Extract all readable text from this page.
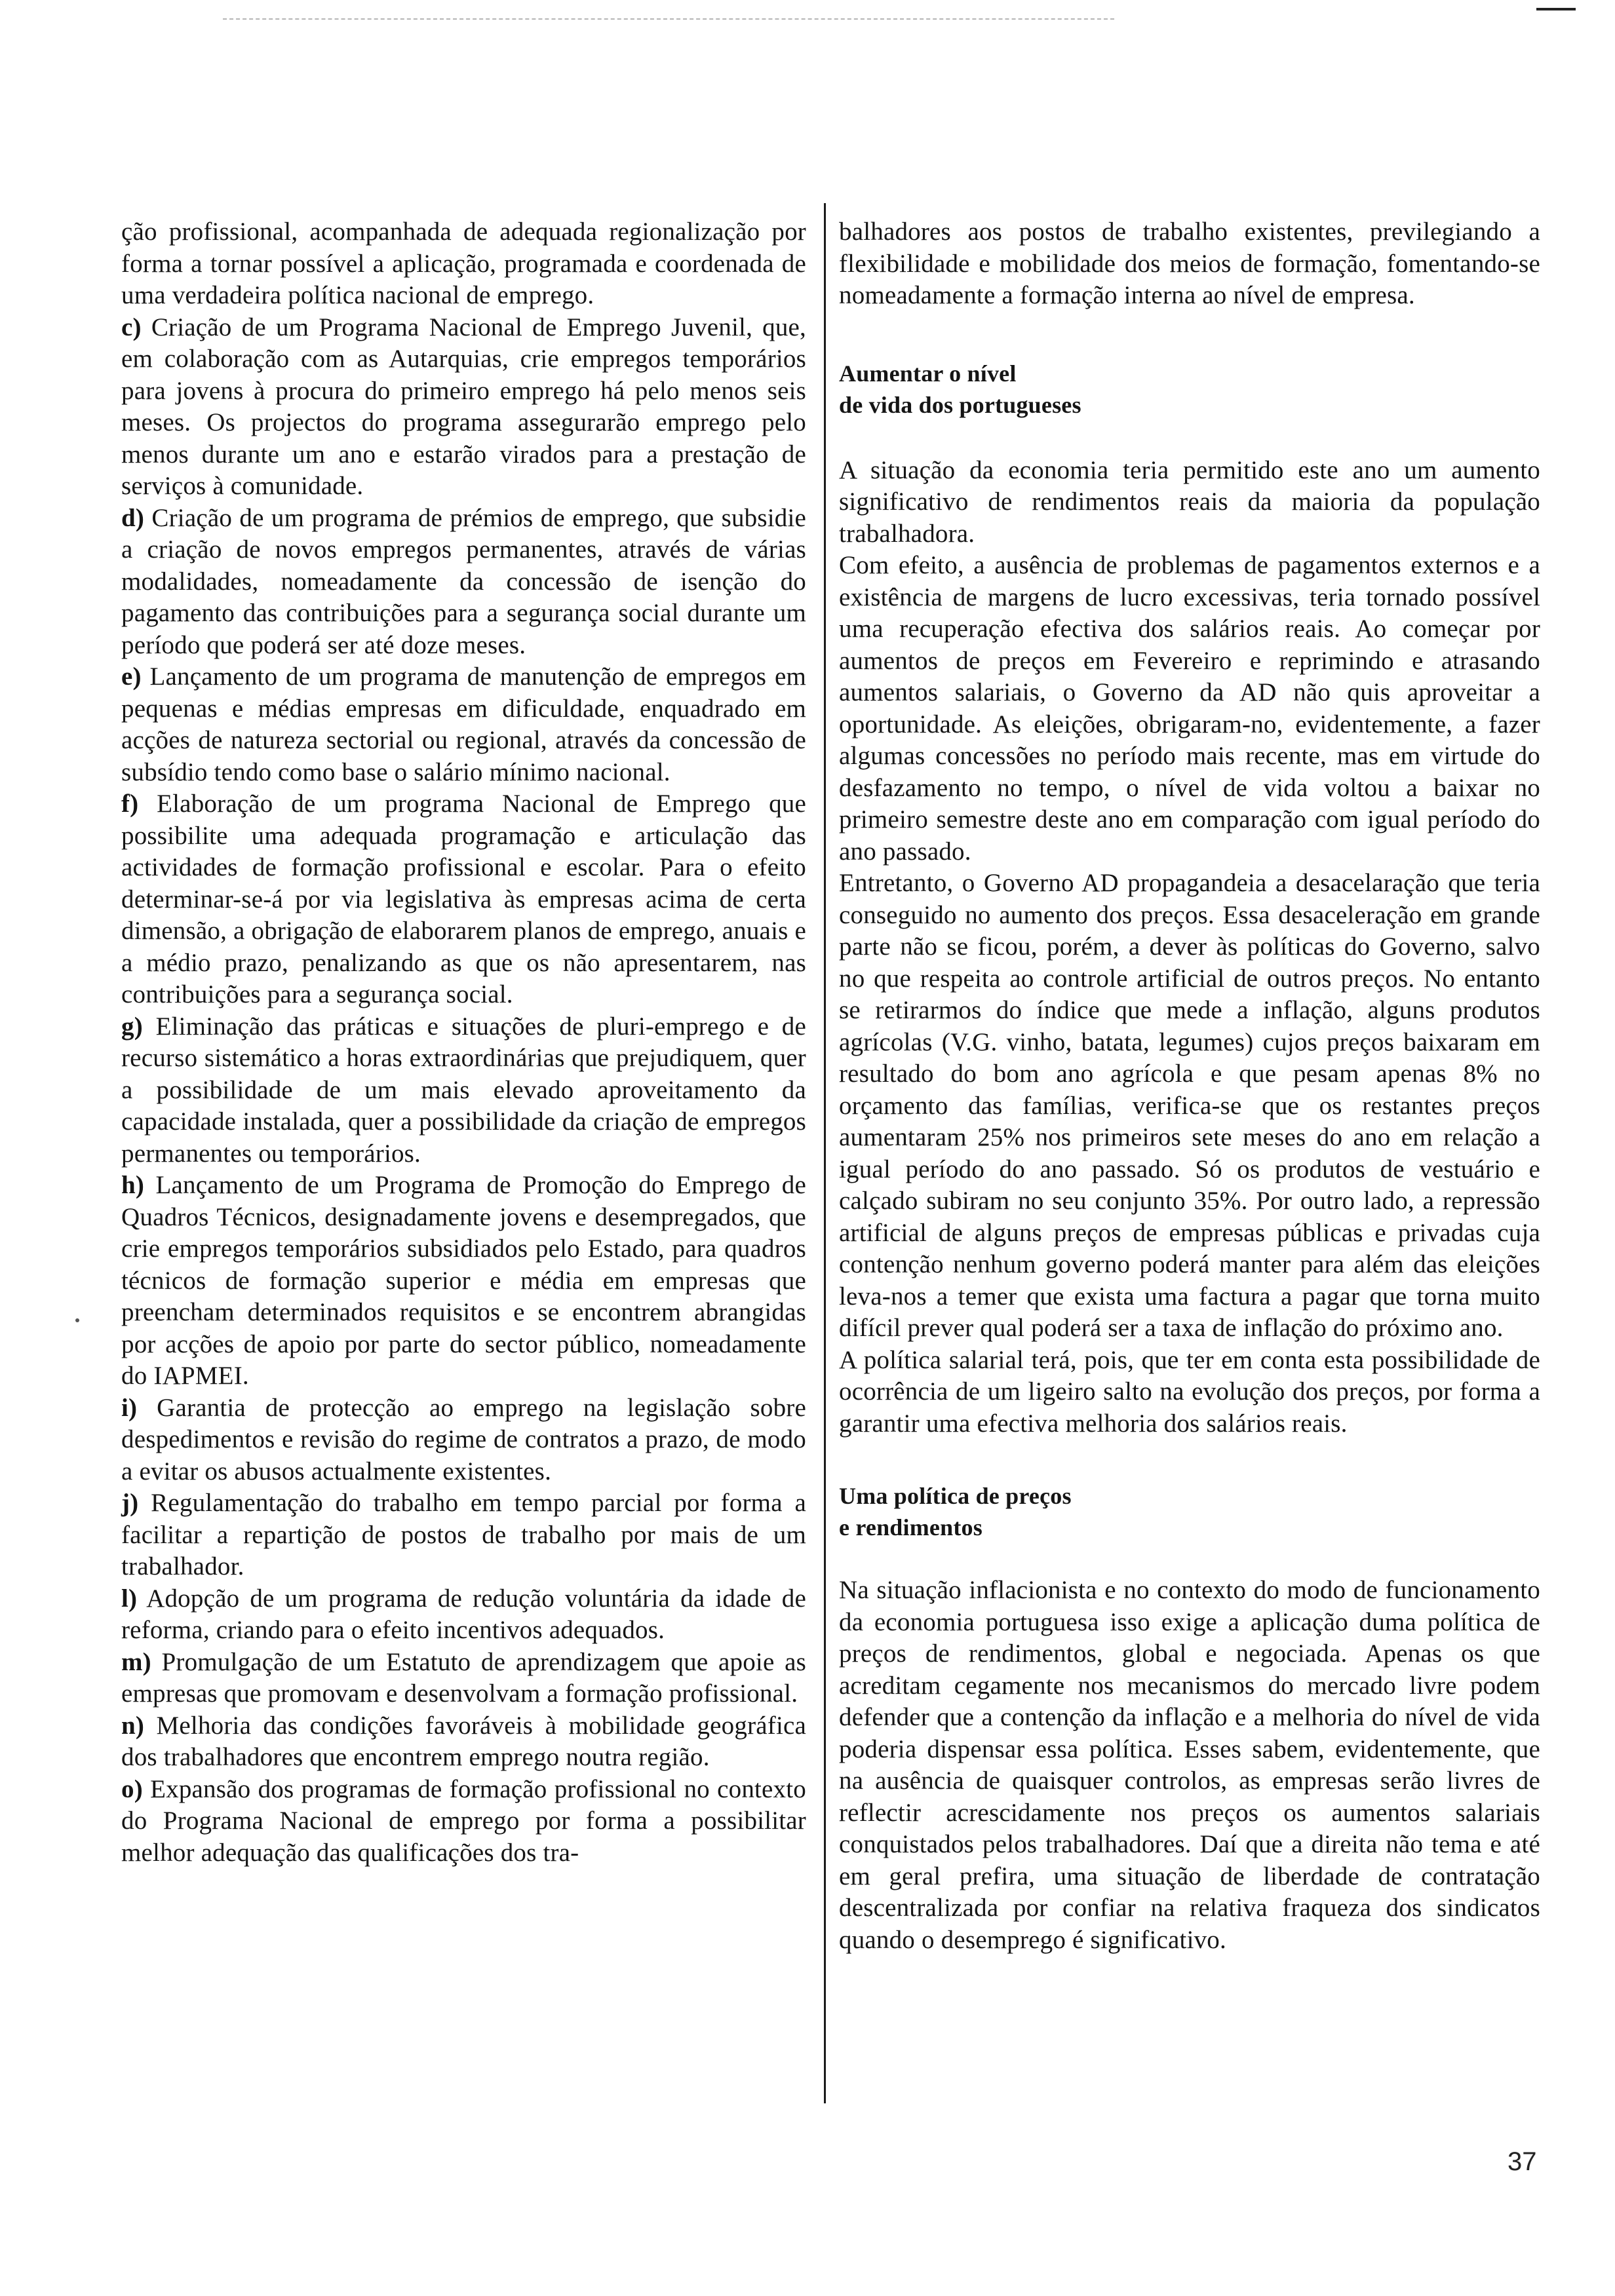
ção profissional, acompanhada de adequada regionalização por forma a tornar possível a aplicação, programada e coordenada de uma verdadeira política nacional de emprego.

c) Criação de um Programa Nacional de Emprego Juvenil, que, em colaboração com as Autarquias, crie empregos temporários para jovens à procura do primeiro emprego há pelo menos seis meses. Os projectos do programa assegurarão emprego pelo menos durante um ano e estarão virados para a prestação de serviços à comunidade.

d) Criação de um programa de prémios de emprego, que subsidie a criação de novos empregos permanentes, através de várias modalidades, nomeadamente da concessão de isenção do pagamento das contribuições para a segurança social durante um período que poderá ser até doze meses.

e) Lançamento de um programa de manutenção de empregos em pequenas e médias empresas em dificuldade, enquadrado em acções de natureza sectorial ou regional, através da concessão de subsídio tendo como base o salário mínimo nacional.

f) Elaboração de um programa Nacional de Emprego que possibilite uma adequada programação e articulação das actividades de formação profissional e escolar. Para o efeito determinar-se-á por via legislativa às empresas acima de certa dimensão, a obrigação de elaborarem planos de emprego, anuais e a médio prazo, penalizando as que os não apresentarem, nas contribuições para a segurança social.

g) Eliminação das práticas e situações de pluri-emprego e de recurso sistemático a horas extraordinárias que prejudiquem, quer a possibilidade de um mais elevado aproveitamento da capacidade instalada, quer a possibilidade da criação de empregos permanentes ou temporários.

h) Lançamento de um Programa de Promoção do Emprego de Quadros Técnicos, designadamente jovens e desempregados, que crie empregos temporários subsidiados pelo Estado, para quadros técnicos de formação superior e média em empresas que preencham determinados requisitos e se encontrem abrangidas por acções de apoio por parte do sector público, nomeadamente do IAPMEI.

i) Garantia de protecção ao emprego na legislação sobre despedimentos e revisão do regime de contratos a prazo, de modo a evitar os abusos actualmente existentes.

j) Regulamentação do trabalho em tempo parcial por forma a facilitar a repartição de postos de trabalho por mais de um trabalhador.

l) Adopção de um programa de redução voluntária da idade de reforma, criando para o efeito incentivos adequados.

m) Promulgação de um Estatuto de aprendizagem que apoie as empresas que promovam e desenvolvam a formação profissional.

n) Melhoria das condições favoráveis à mobilidade geográfica dos trabalhadores que encontrem emprego noutra região.

o) Expansão dos programas de formação profissional no contexto do Programa Nacional de emprego por forma a possibilitar melhor adequação das qualificações dos tra-

balhadores aos postos de trabalho existentes, previlegiando a flexibilidade e mobilidade dos meios de formação, fomentando-se nomeadamente a formação interna ao nível de empresa.

Aumentar o nível
de vida dos portugueses

A situação da economia teria permitido este ano um aumento significativo de rendimentos reais da maioria da população trabalhadora.

Com efeito, a ausência de problemas de pagamentos externos e a existência de margens de lucro excessivas, teria tornado possível uma recuperação efectiva dos salários reais. Ao começar por aumentos de preços em Fevereiro e reprimindo e atrasando aumentos salariais, o Governo da AD não quis aproveitar a oportunidade. As eleições, obrigaram-no, evidentemente, a fazer algumas concessões no período mais recente, mas em virtude do desfazamento no tempo, o nível de vida voltou a baixar no primeiro semestre deste ano em comparação com igual período do ano passado.

Entretanto, o Governo AD propagandeia a desacelaração que teria conseguido no aumento dos preços. Essa desaceleração em grande parte não se ficou, porém, a dever às políticas do Governo, salvo no que respeita ao controle artificial de outros preços. No entanto se retirarmos do índice que mede a inflação, alguns produtos agrícolas (V.G. vinho, batata, legumes) cujos preços baixaram em resultado do bom ano agrícola e que pesam apenas 8% no orçamento das famílias, verifica-se que os restantes preços aumentaram 25% nos primeiros sete meses do ano em relação a igual período do ano passado. Só os produtos de vestuário e calçado subiram no seu conjunto 35%. Por outro lado, a repressão artificial de alguns preços de empresas públicas e privadas cuja contenção nenhum governo poderá manter para além das eleições leva-nos a temer que exista uma factura a pagar que torna muito difícil prever qual poderá ser a taxa de inflação do próximo ano.

A política salarial terá, pois, que ter em conta esta possibilidade de ocorrência de um ligeiro salto na evolução dos preços, por forma a garantir uma efectiva melhoria dos salários reais.

Uma política de preços
e rendimentos

Na situação inflacionista e no contexto do modo de funcionamento da economia portuguesa isso exige a aplicação duma política de preços de rendimentos, global e negociada. Apenas os que acreditam cegamente nos mecanismos do mercado livre podem defender que a contenção da inflação e a melhoria do nível de vida poderia dispensar essa política. Esses sabem, evidentemente, que na ausência de quaisquer controlos, as empresas serão livres de reflectir acrescidamente nos preços os aumentos salariais conquistados pelos trabalhadores. Daí que a direita não tema e até em geral prefira, uma situação de liberdade de contratação descentralizada por confiar na relativa fraqueza dos sindicatos quando o desemprego é significativo.

37
